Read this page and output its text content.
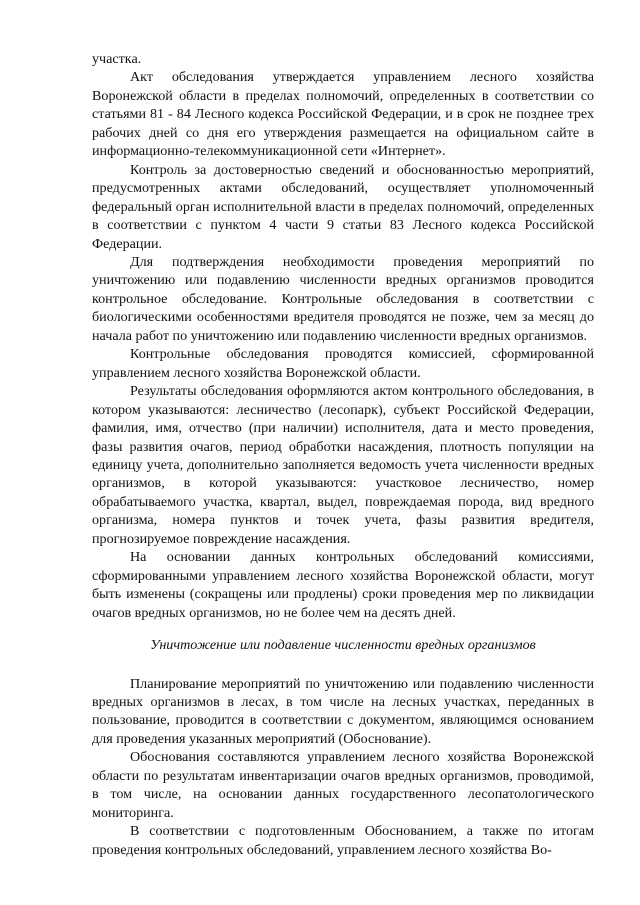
участка.

Акт обследования утверждается управлением лесного хозяйства Воронежской области в пределах полномочий, определенных в соответствии со статьями 81 - 84 Лесного кодекса Российской Федерации, и в срок не позднее трех рабочих дней со дня его утверждения размещается на официальном сайте в информационно-телекоммуникационной сети «Интернет».

Контроль за достоверностью сведений и обоснованностью мероприятий, предусмотренных актами обследований, осуществляет уполномоченный федеральный орган исполнительной власти в пределах полномочий, определенных в соответствии с пунктом 4 части 9 статьи 83 Лесного кодекса Российской Федерации.

Для подтверждения необходимости проведения мероприятий по уничтожению или подавлению численности вредных организмов проводится контрольное обследование. Контрольные обследования в соответствии с биологическими особенностями вредителя проводятся не позже, чем за месяц до начала работ по уничтожению или подавлению численности вредных организмов.

Контрольные обследования проводятся комиссией, сформированной управлением лесного хозяйства Воронежской области.

Результаты обследования оформляются актом контрольного обследования, в котором указываются: лесничество (лесопарк), субъект Российской Федерации, фамилия, имя, отчество (при наличии) исполнителя, дата и место проведения, фазы развития очагов, период обработки насаждения, плотность популяции на единицу учета, дополнительно заполняется ведомость учета численности вредных организмов, в которой указываются: участковое лесничество, номер обрабатываемого участка, квартал, выдел, повреждаемая порода, вид вредного организма, номера пунктов и точек учета, фазы развития вредителя, прогнозируемое повреждение насаждения.

На основании данных контрольных обследований комиссиями, сформированными управлением лесного хозяйства Воронежской области, могут быть изменены (сокращены или продлены) сроки проведения мер по ликвидации очагов вредных организмов, но не более чем на десять дней.

Уничтожение или подавление численности вредных организмов

Планирование мероприятий по уничтожению или подавлению численности вредных организмов в лесах, в том числе на лесных участках, переданных в пользование, проводится в соответствии с документом, являющимся основанием для проведения указанных мероприятий (Обоснование).

Обоснования составляются управлением лесного хозяйства Воронежской области по результатам инвентаризации очагов вредных организмов, проводимой, в том числе, на основании данных государственного лесопатологического мониторинга.

В соответствии с подготовленным Обоснованием, а также по итогам проведения контрольных обследований, управлением лесного хозяйства Во-
